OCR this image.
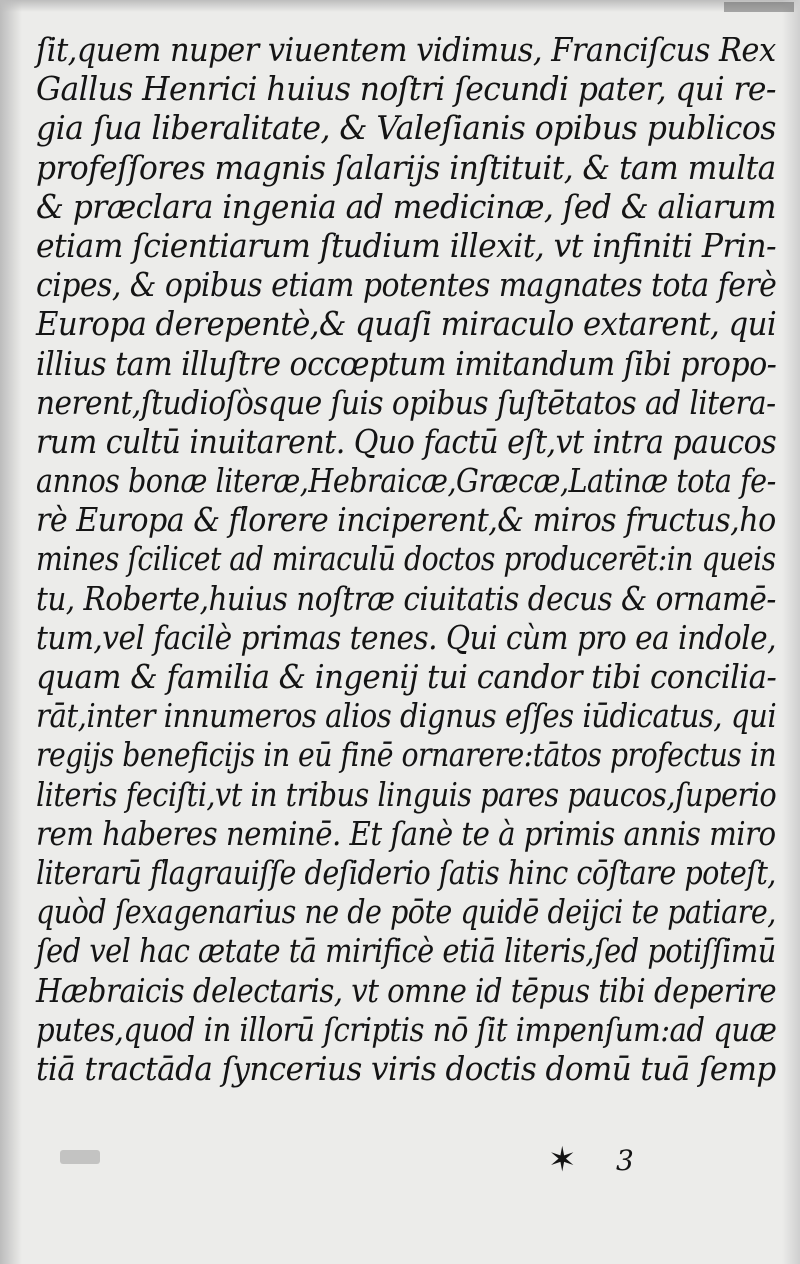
ſit,quem nuper viuentem vidimus, Franciſcus Rex
Gallus Henrici huius noſtri ſecundi pater, qui re-
gia ſua liberalitate, & Valeſianis opibus publicos
profeſſores magnis ſalarijs inſtituit, & tam multa
& præclara ingenia ad medicinæ, ſed & aliarum
etiam ſcientiarum ſtudium illexit, vt infiniti Prin-
cipes, & opibus etiam potentes magnates tota ferè
Europa derepentè,& quaſi miraculo extarent, qui
illius tam illuſtre occœptum imitandum ſibi propo-
nerent,ſtudioſòsque ſuis opibus ſuſtētatos ad litera-
rum cultū inuitarent. Quo factū eſt,vt intra paucos
annos bonæ literæ,Hebraicæ,Græcæ,Latinæ tota fe-
rè Europa & florere inciperent,& miros fructus,ho
mines ſcilicet ad miraculū doctos producerēt:in queis
tu, Roberte,huius noſtræ ciuitatis decus & ornamē-
tum,vel facilè primas tenes. Qui cùm pro ea indole,
quam & familia & ingenij tui candor tibi concilia-
rāt,inter innumeros alios dignus eſſes iūdicatus, qui
regijs beneficijs in eū finē ornarere:tātos profectus in
literis feciſti,vt in tribus linguis pares paucos,ſuperio
rem haberes neminē. Et ſanè te à primis annis miro
literarū flagrauiſſe deſiderio ſatis hinc cōſtare poteſt,
quòd ſexagenarius ne de pōte quidē deijci te patiare,
ſed vel hac ætate tā mirificè etiā literis,ſed potiſſimū
Hæbraicis delectaris, vt omne id tēpus tibi deperire
putes,quod in illorū ſcriptis nō ſit impenſum:ad quæ
tiā tractāda ſyncerius viris doctis domū tuā ſemp
✶ 3
